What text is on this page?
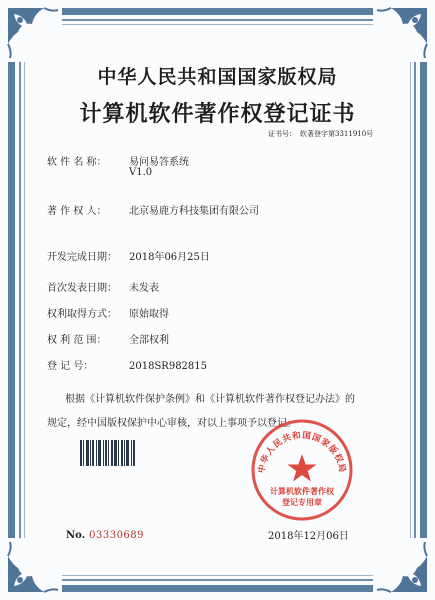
中华人民共和国国家版权局
计算机软件著作权登记证书
证书号： 软著登字第3311910号
软 件 名 称： 易问易答系统
V1.0
著 作 权 人： 北京易鹿方科技集团有限公司
开发完成日期： 2018年06月25日
首次发表日期： 未发表
权利取得方式： 原始取得
权 利 范 围： 全部权利
登 记 号：	2018SR982815
根据《计算机软件保护条例》和《计算机软件著作权登记办法》的
规定，经中国版权保护中心审核，对以上事项予以登记。
中华人民共和国国家版权局
计算机软件著作权
登记专用章
No. 03330689	2018年12月06日
